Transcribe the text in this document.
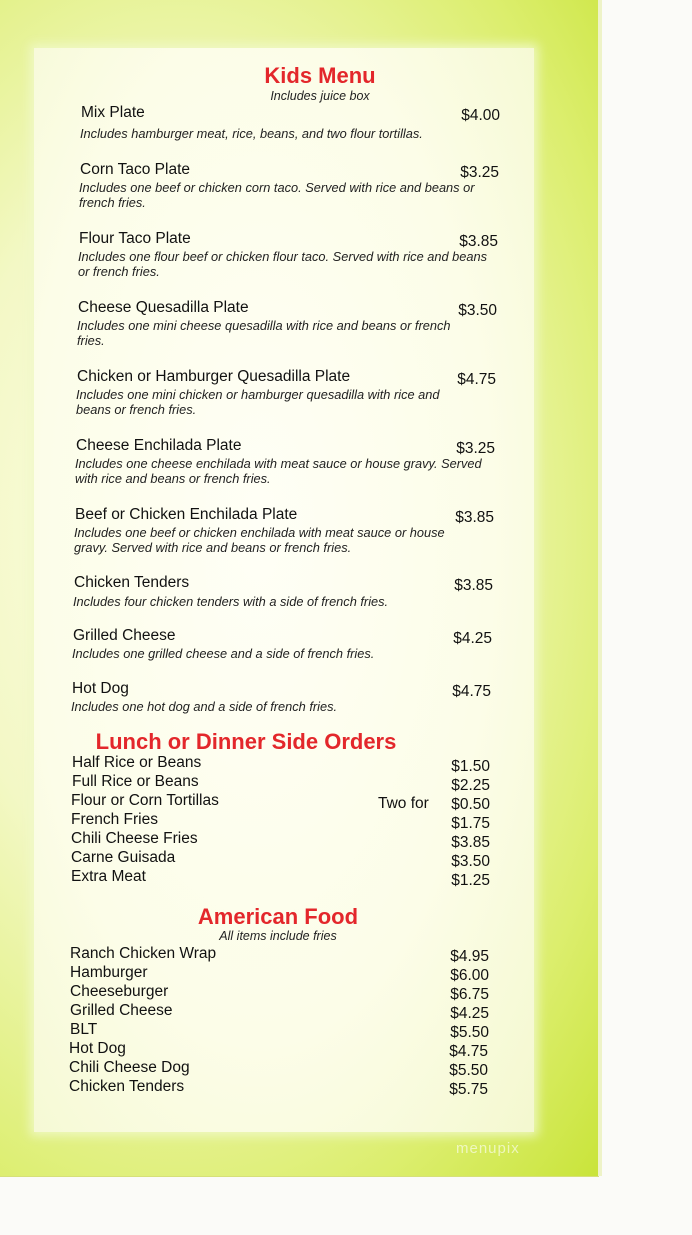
Kids Menu
Includes juice box
Mix Plate	$4.00
Includes hamburger meat, rice, beans, and two flour tortillas.
Corn Taco Plate	$3.25
Includes one beef or chicken corn taco. Served with rice and beans or french fries.
Flour Taco Plate	$3.85
Includes one flour beef or chicken flour taco. Served with rice and beans or french fries.
Cheese Quesadilla Plate	$3.50
Includes one mini cheese quesadilla with rice and beans or french fries.
Chicken or Hamburger Quesadilla Plate	$4.75
Includes one mini chicken or hamburger quesadilla with rice and beans or french fries.
Cheese Enchilada Plate	$3.25
Includes one cheese enchilada with meat sauce or house gravy. Served with rice and beans or french fries.
Beef or Chicken Enchilada Plate	$3.85
Includes one beef or chicken enchilada with meat sauce or house gravy. Served with rice and beans or french fries.
Chicken Tenders	$3.85
Includes four chicken tenders with a side of french fries.
Grilled Cheese	$4.25
Includes one grilled cheese and a side of french fries.
Hot Dog	$4.75
Includes one hot dog and a side of french fries.
Lunch or Dinner Side Orders
Half Rice or Beans	$1.50
Full Rice or Beans	$2.25
Flour or Corn Tortillas	Two for	$0.50
French Fries	$1.75
Chili Cheese Fries	$3.85
Carne Guisada	$3.50
Extra Meat	$1.25
American Food
All items include fries
Ranch Chicken Wrap	$4.95
Hamburger	$6.00
Cheeseburger	$6.75
Grilled Cheese	$4.25
BLT	$5.50
Hot Dog	$4.75
Chili Cheese Dog	$5.50
Chicken Tenders	$5.75
menupix
